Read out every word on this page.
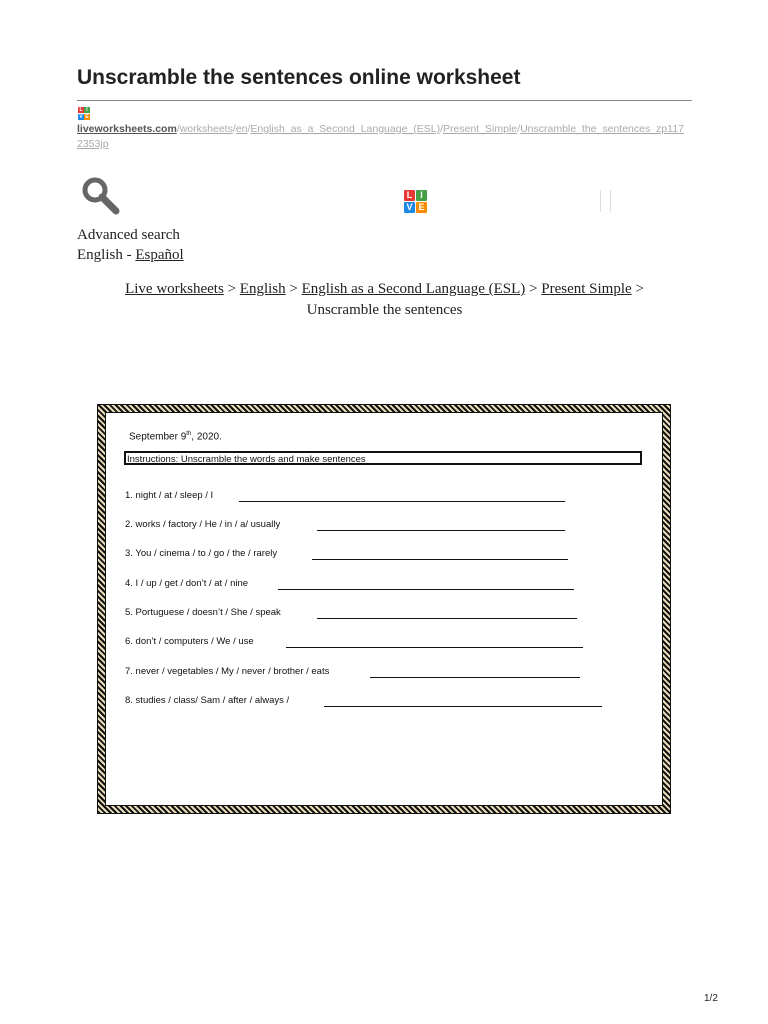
Unscramble the sentences online worksheet
L I
V E
liveworksheets.com/worksheets/en/English_as_a_Second_Language_(ESL)/Present_Simple/Unscramble_the_sentences_zp1172353jp
L I
V E
Advanced search
English - Español
Live worksheets > English > English as a Second Language (ESL) > Present Simple >
Unscramble the sentences
September 9th, 2020.
Instructions: Unscramble the words and make sentences
1. night / at / sleep / I
2. works / factory / He / in / a/ usually
3. You / cinema / to / go / the / rarely
4. I / up / get / don’t / at / nine
5. Portuguese / doesn’t / She / speak
6. don’t / computers / We / use
7. never / vegetables / My / never / brother / eats
8. studies / class/ Sam / after / always /
1/2
